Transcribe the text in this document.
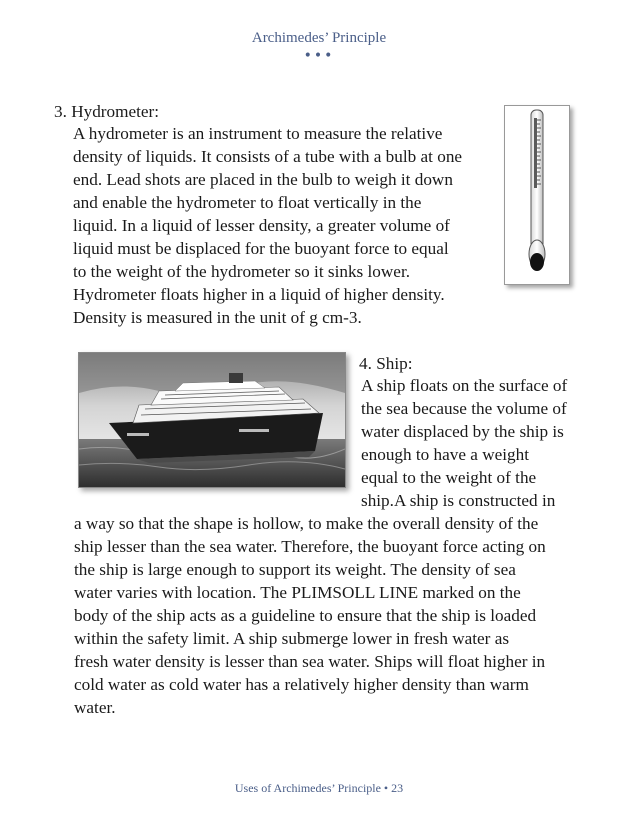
Archimedes’ Principle
•••
3. Hydrometer:
A hydrometer is an instrument to measure the relative
density of liquids. It consists of a tube with a bulb at one
end. Lead shots are placed in the bulb to weigh it down
and enable the hydrometer to float vertically in the
liquid. In a liquid of lesser density, a greater volume of
liquid must be displaced for the buoyant force to equal
to the weight of the hydrometer so it sinks lower.
Hydrometer floats higher in a liquid of higher density.
Density is measured in the unit of g cm-3.
4. Ship:
A ship floats on the surface of
the sea because the volume of
water displaced by the ship is
enough to have a weight
equal to the weight of the
ship.A ship is constructed in
a way so that the shape is hollow, to make the overall density of the
ship lesser than the sea water. Therefore, the buoyant force acting on
the ship is large enough to support its weight. The density of sea
water varies with location. The PLIMSOLL LINE marked on the
body of the ship acts as a guideline to ensure that the ship is loaded
within the safety limit. A ship submerge lower in fresh water as
fresh water density is lesser than sea water. Ships will float higher in
cold water as cold water has a relatively higher density than warm
water.
Uses of Archimedes’ Principle • 23
